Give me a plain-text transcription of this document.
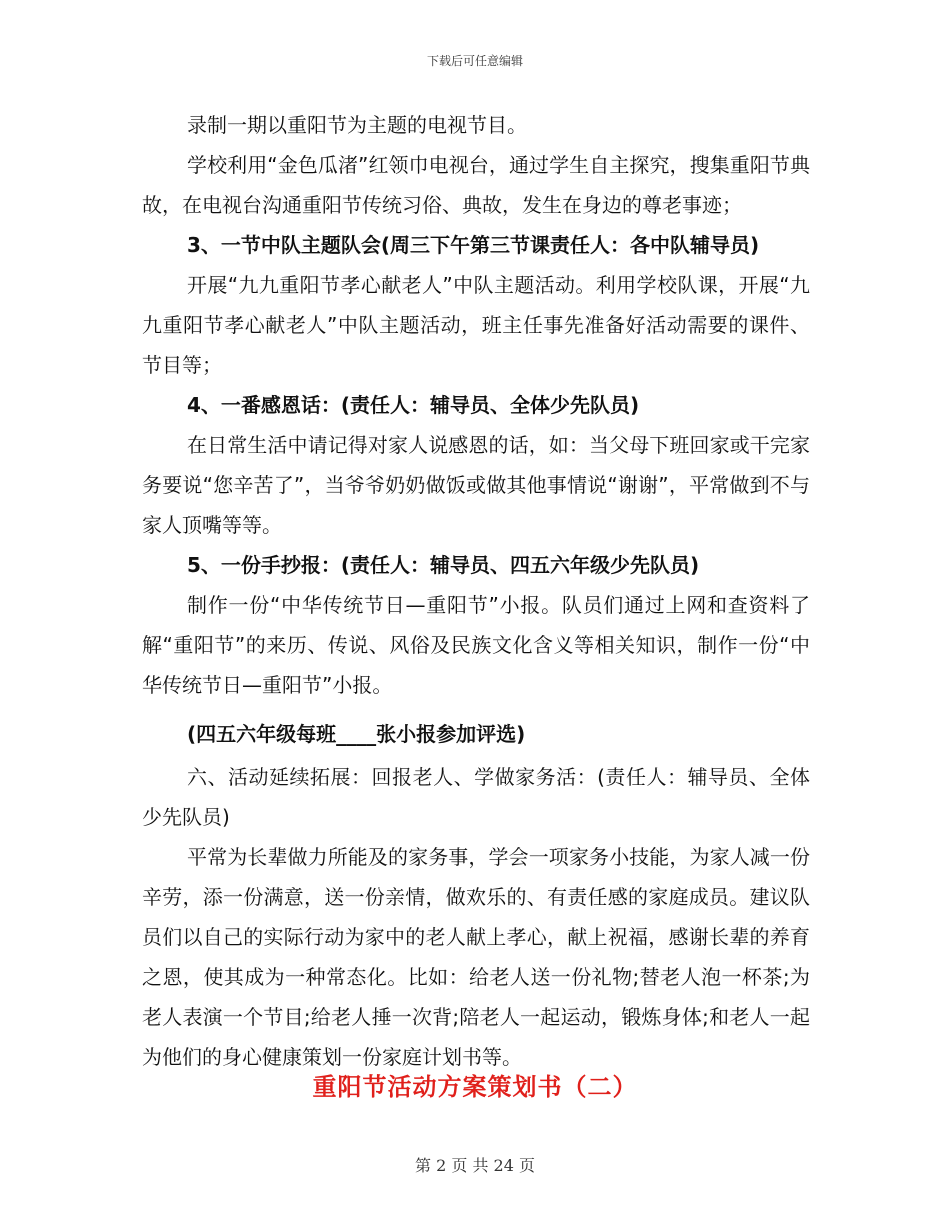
下载后可任意编辑

录制一期以重阳节为主题的电视节目。

学校利用“金色瓜渚”红领巾电视台，通过学生自主探究，搜集重阳节典故，在电视台沟通重阳节传统习俗、典故，发生在身边的尊老事迹；

3、一节中队主题队会(周三下午第三节课责任人：各中队辅导员)

开展“九九重阳节孝心献老人”中队主题活动。利用学校队课，开展“九九重阳节孝心献老人”中队主题活动，班主任事先准备好活动需要的课件、节目等；

4、一番感恩话：(责任人：辅导员、全体少先队员)

在日常生活中请记得对家人说感恩的话，如：当父母下班回家或干完家务要说“您辛苦了”，当爷爷奶奶做饭或做其他事情说“谢谢”，平常做到不与家人顶嘴等等。

5、一份手抄报：(责任人：辅导员、四五六年级少先队员)

制作一份“中华传统节日—重阳节”小报。队员们通过上网和查资料了解“重阳节”的来历、传说、风俗及民族文化含义等相关知识，制作一份“中华传统节日—重阳节”小报。

(四五六年级每班____张小报参加评选)

六、活动延续拓展：回报老人、学做家务活：(责任人：辅导员、全体少先队员)

平常为长辈做力所能及的家务事，学会一项家务小技能，为家人减一份辛劳，添一份满意，送一份亲情，做欢乐的、有责任感的家庭成员。建议队员们以自己的实际行动为家中的老人献上孝心，献上祝福，感谢长辈的养育之恩，使其成为一种常态化。比如：给老人送一份礼物;替老人泡一杯茶;为老人表演一个节目;给老人捶一次背;陪老人一起运动，锻炼身体;和老人一起为他们的身心健康策划一份家庭计划书等。

重阳节活动方案策划书（二）
第 2 页 共 24 页
